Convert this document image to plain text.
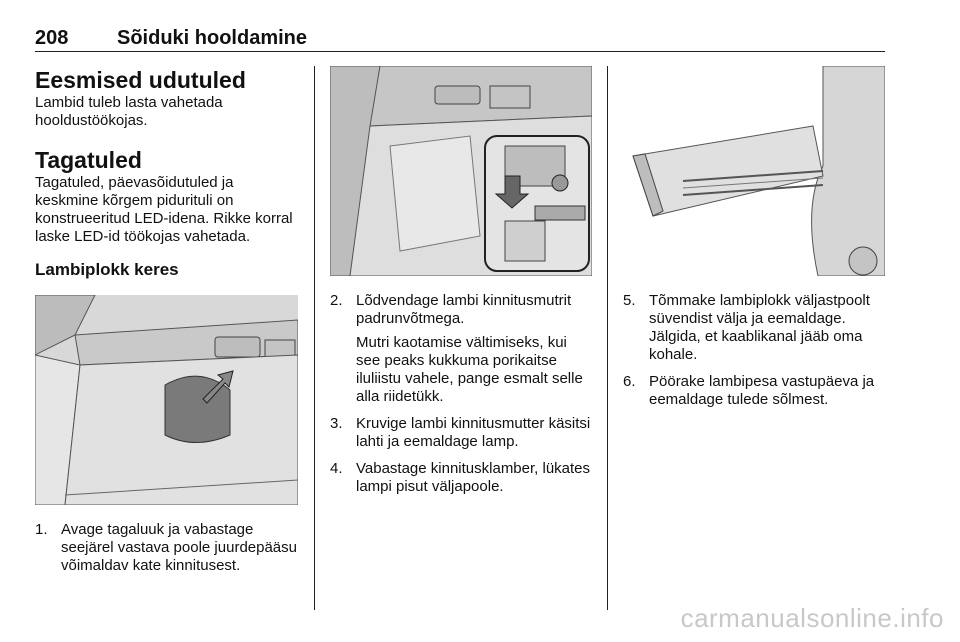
208 Sõiduki hooldamine
Eesmised udutuled

Lambid tuleb lasta vahetada hooldustöökojas.

Tagatuled

Tagatuled, päevasõidutuled ja keskmine kõrgem piduritulі on konstrueeritud LED-idena. Rikke korral laske LED-id töökojas vahetada.

Lambiplokk keres
1. Avage tagaluuk ja vabastage seejärel vastava poole juurdepääsu võimaldav kate kinnitusest.

2. Lõdvendage lambi kinnitusmutrit padrunvõtmega.

Mutri kaotamise vältimiseks, kui see peaks kukkuma porikaitse iluliistu vahele, pange esmalt selle alla riidetükk.

3. Kruvige lambi kinnitusmutter käsitsi lahti ja eemaldage lamp.

4. Vabastage kinnitusklamber, lükates lampi pisut väljapoole.

5. Tõmmake lambiplokk väljastpoolt süvendist välja ja eemaldage. Jälgida, et kaablikanal jääb oma kohale.

6. Pöörake lambipesa vastupäeva ja eemaldage tulede sõlmest.

carmanualsonline.info
